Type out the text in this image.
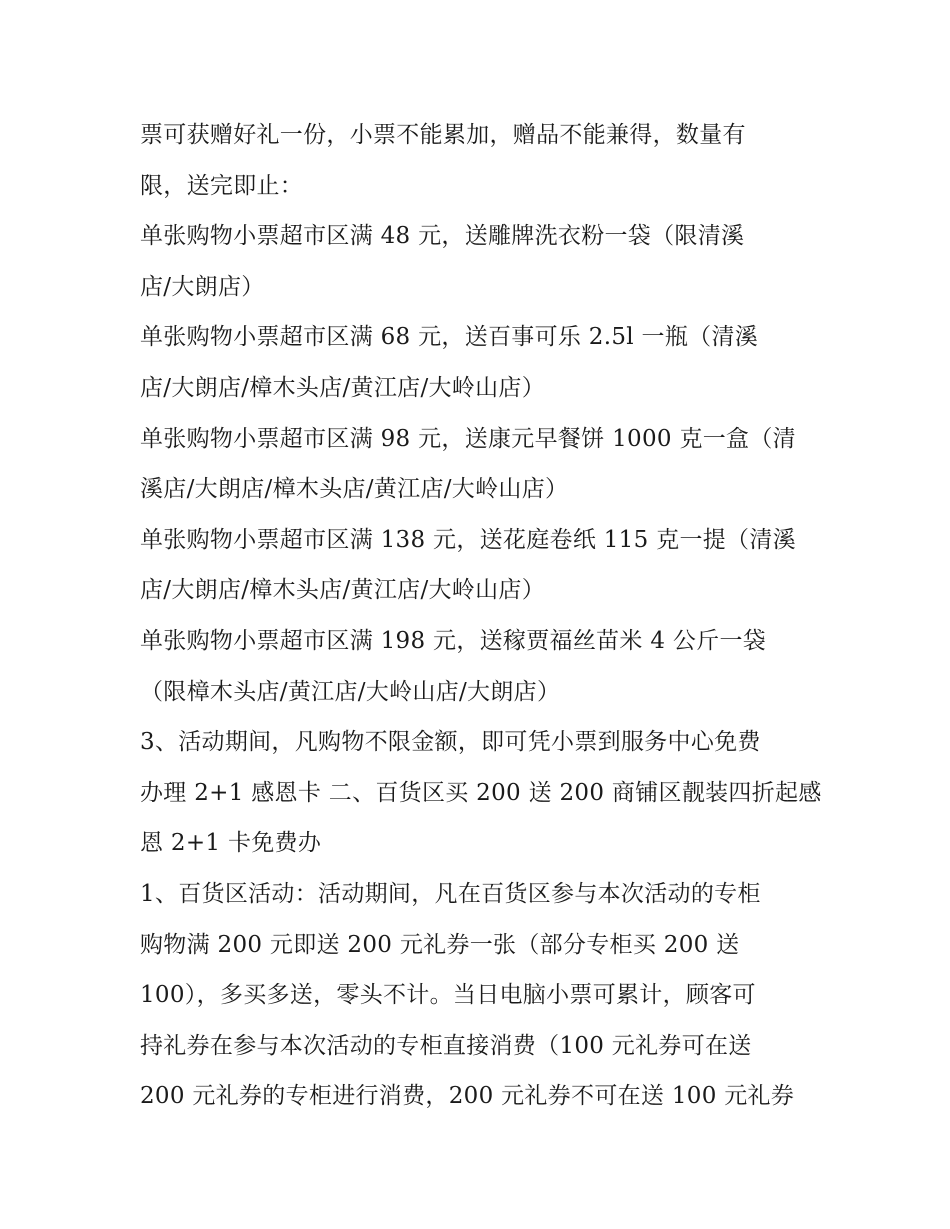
票可获赠好礼一份，小票不能累加，赠品不能兼得，数量有
限，送完即止：
单张购物小票超市区满 48 元，送雕牌洗衣粉一袋（限清溪
店/大朗店）
单张购物小票超市区满 68 元，送百事可乐 2.5l 一瓶（清溪
店/大朗店/樟木头店/黄江店/大岭山店）
单张购物小票超市区满 98 元，送康元早餐饼 1000 克一盒（清
溪店/大朗店/樟木头店/黄江店/大岭山店）
单张购物小票超市区满 138 元，送花庭卷纸 115 克一提（清溪
店/大朗店/樟木头店/黄江店/大岭山店）
单张购物小票超市区满 198 元，送稼贾福丝苗米 4 公斤一袋
（限樟木头店/黄江店/大岭山店/大朗店）
3、活动期间，凡购物不限金额，即可凭小票到服务中心免费
办理 2+1 感恩卡 二、百货区买 200 送 200 商铺区靓装四折起感
恩 2+1 卡免费办
1、百货区活动：活动期间，凡在百货区参与本次活动的专柜
购物满 200 元即送 200 元礼券一张（部分专柜买 200 送
100），多买多送，零头不计。当日电脑小票可累计，顾客可
持礼券在参与本次活动的专柜直接消费（100 元礼券可在送
200 元礼券的专柜进行消费，200 元礼券不可在送 100 元礼券
